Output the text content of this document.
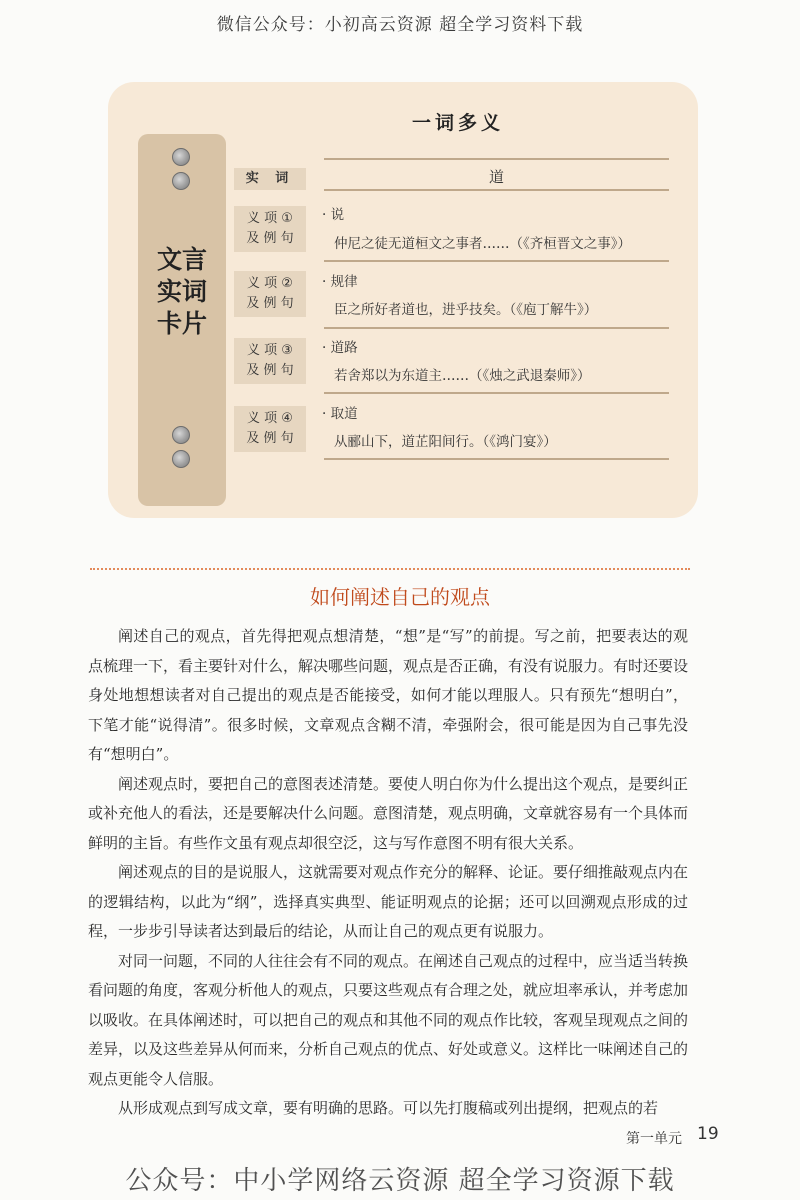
微信公众号：小初高云资源 超全学习资料下载
文言
实词
卡片
一词多义
实 词	道
义 项 ①
及 例 句
· 说
仲尼之徒无道桓文之事者……（《齐桓晋文之事》）
义 项 ②
及 例 句
· 规律
臣之所好者道也，进乎技矣。（《庖丁解牛》）
义 项 ③
及 例 句
· 道路
若舍郑以为东道主……（《烛之武退秦师》）
义 项 ④
及 例 句
· 取道
从郦山下，道芷阳间行。（《鸿门宴》）
如何阐述自己的观点

阐述自己的观点，首先得把观点想清楚，“想”是“写”的前提。写之前，把要表达的观点梳理一下，看主要针对什么，解决哪些问题，观点是否正确，有没有说服力。有时还要设身处地想想读者对自己提出的观点是否能接受，如何才能以理服人。只有预先“想明白”，下笔才能“说得清”。很多时候，文章观点含糊不清，牵强附会，很可能是因为自己事先没有“想明白”。

阐述观点时，要把自己的意图表述清楚。要使人明白你为什么提出这个观点，是要纠正或补充他人的看法，还是要解决什么问题。意图清楚，观点明确，文章就容易有一个具体而鲜明的主旨。有些作文虽有观点却很空泛，这与写作意图不明有很大关系。

阐述观点的目的是说服人，这就需要对观点作充分的解释、论证。要仔细推敲观点内在的逻辑结构，以此为“纲”，选择真实典型、能证明观点的论据；还可以回溯观点形成的过程，一步步引导读者达到最后的结论，从而让自己的观点更有说服力。

对同一问题，不同的人往往会有不同的观点。在阐述自己观点的过程中，应当适当转换看问题的角度，客观分析他人的观点，只要这些观点有合理之处，就应坦率承认，并考虑加以吸收。在具体阐述时，可以把自己的观点和其他不同的观点作比较，客观呈现观点之间的差异，以及这些差异从何而来，分析自己观点的优点、好处或意义。这样比一味阐述自己的观点更能令人信服。

从形成观点到写成文章，要有明确的思路。可以先打腹稿或列出提纲，把观点的若

第一单元 19
公众号：中小学网络云资源 超全学习资源下载
